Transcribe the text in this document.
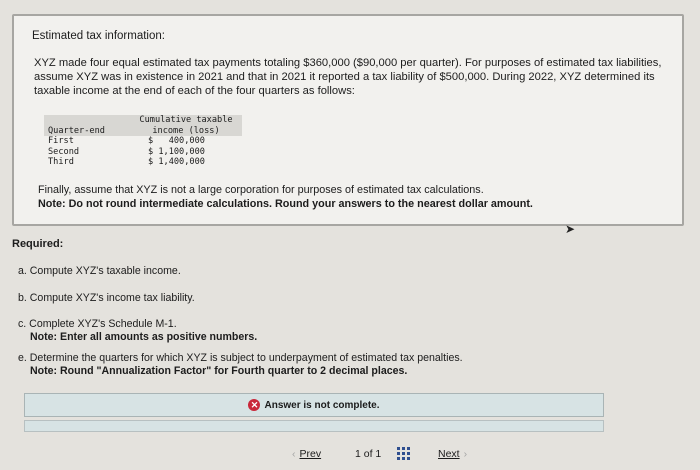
Estimated tax information:
XYZ made four equal estimated tax payments totaling $360,000 ($90,000 per quarter). For purposes of estimated tax liabilities, assume XYZ was in existence in 2021 and that in 2021 it reported a tax liability of $500,000. During 2022, XYZ determined its taxable income at the end of each of the four quarters as follows:
Quarter-end	Cumulative taxable
income (loss)
First	$   400,000
Second	$ 1,100,000
Third	$ 1,400,000
Finally, assume that XYZ is not a large corporation for purposes of estimated tax calculations.
Note: Do not round intermediate calculations. Round your answers to the nearest dollar amount.
➤
Required:
a. Compute XYZ's taxable income.
b. Compute XYZ's income tax liability.
c. Complete XYZ's Schedule M-1.
Note: Enter all amounts as positive numbers.
e. Determine the quarters for which XYZ is subject to underpayment of estimated tax penalties.
Note: Round "Annualization Factor" for Fourth quarter to 2 decimal places.
✕ Answer is not complete.
‹ Prev	1 of 1	Next ›
